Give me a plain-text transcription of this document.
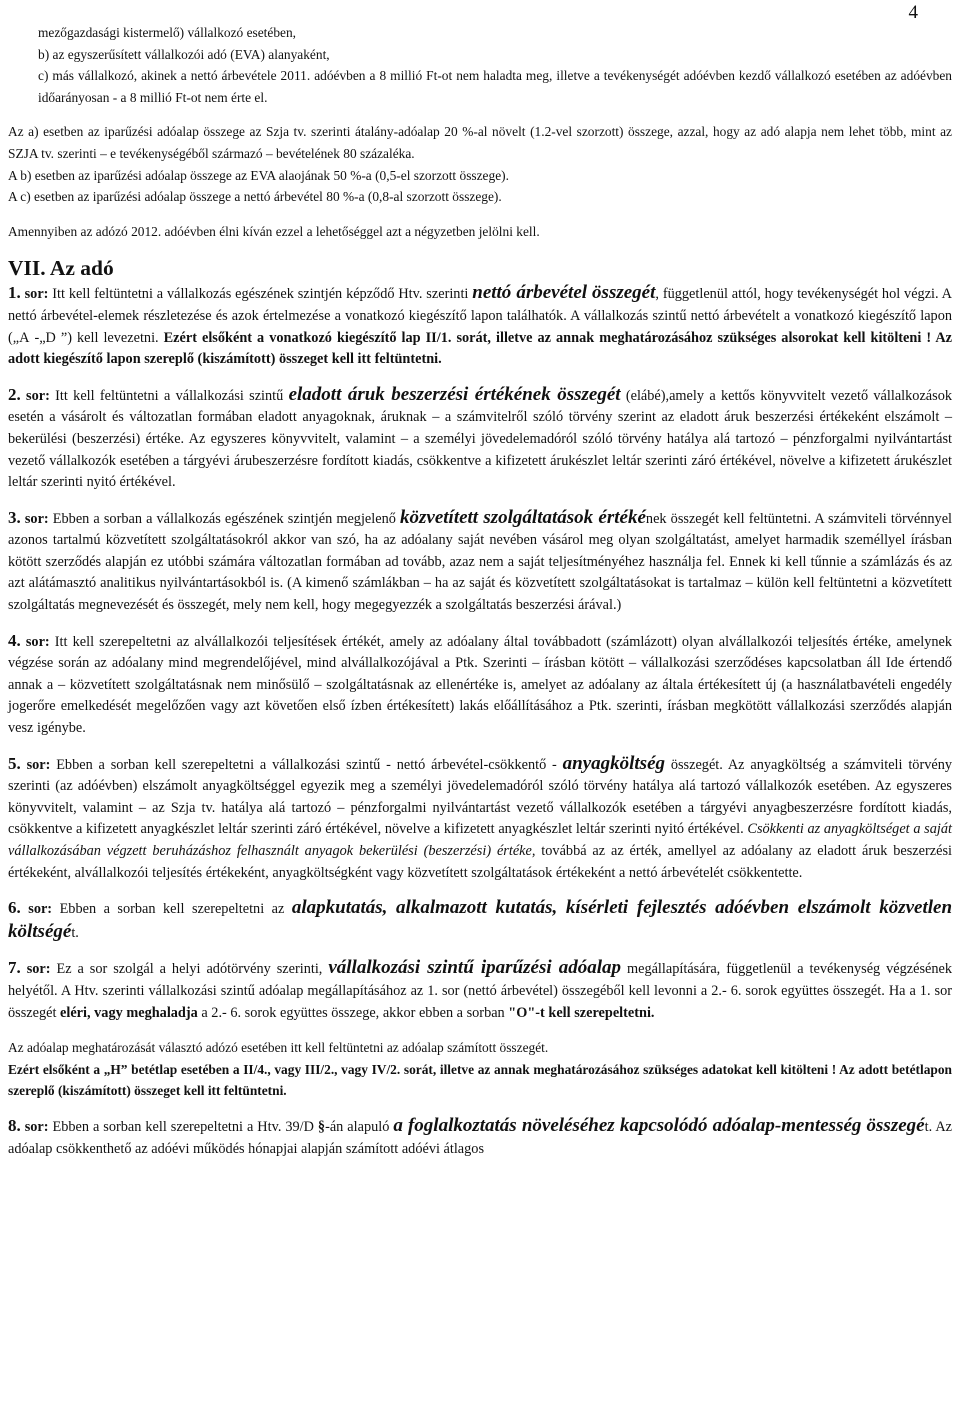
4

mezőgazdasági kistermelő) vállalkozó esetében,

b) az egyszerűsített vállalkozói adó (EVA) alanyaként,

c) más vállalkozó, akinek a nettó árbevétele 2011. adóévben a 8 millió Ft-ot nem haladta meg, illetve a tevékenységét adóévben kezdő vállalkozó esetében az adóévben időarányosan - a 8 millió Ft-ot nem érte el.

Az a) esetben az iparűzési adóalap összege az Szja tv. szerinti átalány-adóalap 20 %-al növelt (1.2-vel szorzott) összege, azzal, hogy az adó alapja nem lehet több, mint az SZJA tv. szerinti – e tevékenységéből származó – bevételének 80 százaléka.

A b) esetben az iparűzési adóalap összege az EVA alaojának 50 %-a (0,5-el szorzott összege).

A c) esetben az iparűzési adóalap összege a nettó árbevétel 80 %-a (0,8-al szorzott összege).

Amennyiben az adózó 2012. adóévben élni kíván ezzel a lehetőséggel azt a négyzetben jelölni kell.

VII. Az adó

1. sor: Itt kell feltüntetni a vállalkozás egészének szintjén képződő Htv. szerinti nettó árbevétel összegét, függetlenül attól, hogy tevékenységét hol végzi. A nettó árbevétel-elemek részletezése és azok értelmezése a vonatkozó kiegészítő lapon találhatók. A vállalkozás szintű nettó árbevételt a vonatkozó kiegészítő lapon („A -„D ”) kell levezetni. Ezért elsőként a vonatkozó kiegészítő lap II/1. sorát, illetve az annak meghatározásához szükséges alsorokat kell kitölteni ! Az adott kiegészítő lapon szereplő (kiszámított) összeget kell itt feltüntetni.

2. sor: Itt kell feltüntetni a vállalkozási szintű eladott áruk beszerzési értékének összegét (elábé),amely a kettős könyvvitelt vezető vállalkozások esetén a vásárolt és változatlan formában eladott anyagoknak, áruknak – a számvitelről szóló törvény szerint az eladott áruk beszerzési értékeként elszámolt – bekerülési (beszerzési) értéke. Az egyszeres könyvvitelt, valamint – a személyi jövedelemadóról szóló törvény hatálya alá tartozó – pénzforgalmi nyilvántartást vezető vállalkozók esetében a tárgyévi árubeszerzésre fordított kiadás, csökkentve a kifizetett árukészlet leltár szerinti záró értékével, növelve a kifizetett árukészlet leltár szerinti nyitó értékével.

3. sor: Ebben a sorban a vállalkozás egészének szintjén megjelenő közvetített szolgáltatások értékének összegét kell feltüntetni. A számviteli törvénnyel azonos tartalmú közvetített szolgáltatásokról akkor van szó, ha az adóalany saját nevében vásárol meg olyan szolgáltatást, amelyet harmadik személlyel írásban kötött szerződés alapján ez utóbbi számára változatlan formában ad tovább, azaz nem a saját teljesítményéhez használja fel. Ennek ki kell tűnnie a számlázás és az azt alátámasztó analitikus nyilvántartásokból is. (A kimenő számlákban – ha az saját és közvetített szolgáltatásokat is tartalmaz – külön kell feltüntetni a közvetített szolgáltatás megnevezését és összegét, mely nem kell, hogy megegyezzék a szolgáltatás beszerzési árával.)

4. sor: Itt kell szerepeltetni az alvállalkozói teljesítések értékét, amely az adóalany által továbbadott (számlázott) olyan alvállalkozói teljesítés értéke, amelynek végzése során az adóalany mind megrendelőjével, mind alvállalkozójával a Ptk. Szerinti – írásban kötött – vállalkozási szerződéses kapcsolatban áll Ide értendő annak a – közvetített szolgáltatásnak nem minősülő – szolgáltatásnak az ellenértéke is, amelyet az adóalany az általa értékesített új (a használatbavételi engedély jogerőre emelkedését megelőzően vagy azt követően első ízben értékesített) lakás előállításához a Ptk. szerinti, írásban megkötött vállalkozási szerződés alapján vesz igénybe.

5. sor: Ebben a sorban kell szerepeltetni a vállalkozási szintű - nettó árbevétel-csökkentő - anyagköltség összegét. Az anyagköltség a számviteli törvény szerinti (az adóévben) elszámolt anyagköltséggel egyezik meg a személyi jövedelemadóról szóló törvény hatálya alá tartozó vállalkozók esetében. Az egyszeres könyvvitelt, valamint – az Szja tv. hatálya alá tartozó – pénzforgalmi nyilvántartást vezető vállalkozók esetében a tárgyévi anyagbeszerzésre fordított kiadás, csökkentve a kifizetett anyagkészlet leltár szerinti záró értékével, növelve a kifizetett anyagkészlet leltár szerinti nyitó értékével. Csökkenti az anyagköltséget a saját vállalkozásában végzett beruházáshoz felhasznált anyagok bekerülési (beszerzési) értéke, továbbá az az érték, amellyel az adóalany az eladott áruk beszerzési értékeként, alvállalkozói teljesítés értékeként, anyagköltségként vagy közvetített szolgáltatások értékeként a nettó árbevételét csökkentette.

6. sor: Ebben a sorban kell szerepeltetni az alapkutatás, alkalmazott kutatás, kísérleti fejlesztés adóévben elszámolt közvetlen költségét.

7. sor: Ez a sor szolgál a helyi adótörvény szerinti, vállalkozási szintű iparűzési adóalap megállapítására, függetlenül a tevékenység végzésének helyétől. A Htv. szerinti vállalkozási szintű adóalap megállapításához az 1. sor (nettó árbevétel) összegéből kell levonni a 2.- 6. sorok együttes összegét. Ha a 1. sor összegét eléri, vagy meghaladja a 2.- 6. sorok együttes összege, akkor ebben a sorban "O"-t kell szerepeltetni.

Az adóalap meghatározását választó adózó esetében itt kell feltüntetni az adóalap számított összegét.

Ezért elsőként a „H” betétlap esetében a II/4., vagy III/2., vagy IV/2. sorát, illetve az annak meghatározásához szükséges adatokat kell kitölteni ! Az adott betétlapon szereplő (kiszámított) összeget kell itt feltüntetni.

8. sor: Ebben a sorban kell szerepeltetni a Htv. 39/D §-án alapuló a foglalkoztatás növeléséhez kapcsolódó adóalap-mentesség összegét. Az adóalap csökkenthető az adóévi működés hónapjai alapján számított adóévi átlagos
